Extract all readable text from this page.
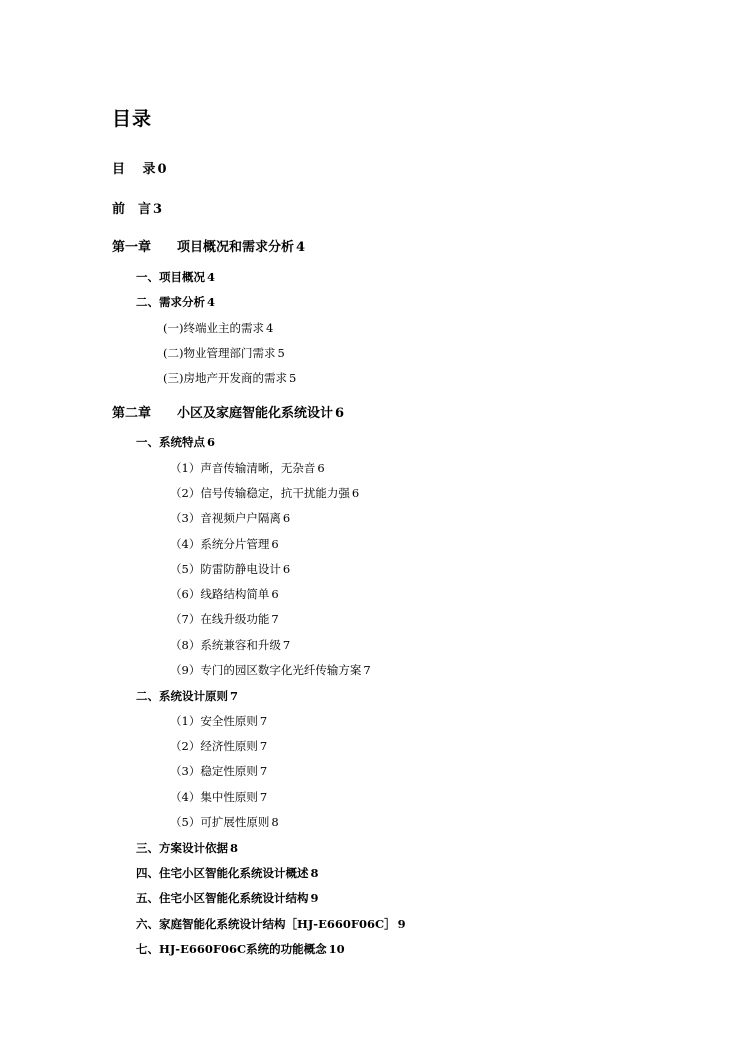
目录
目　 录 0
前　言 3
第一章　　项目概况和需求分析 4
一、项目概况 4
二、需求分析 4
(一)终端业主的需求 4
(二)物业管理部门需求 5
(三)房地产开发商的需求 5
第二章　　小区及家庭智能化系统设计 6
一、系统特点 6
（1）声音传输清晰，无杂音 6
（2）信号传输稳定，抗干扰能力强 6
（3）音视频户户隔离 6
（4）系统分片管理 6
（5）防雷防静电设计 6
（6）线路结构简单 6
（7）在线升级功能 7
（8）系统兼容和升级 7
（9）专门的园区数字化光纤传输方案 7
二、系统设计原则 7
（1）安全性原则 7
（2）经济性原则 7
（3）稳定性原则 7
（4）集中性原则 7
（5）可扩展性原则 8
三、方案设计依据 8
四、住宅小区智能化系统设计概述 8
五、住宅小区智能化系统设计结构 9
六、家庭智能化系统设计结构［HJ-E660F06C］ 9
七、HJ-E660F06C系统的功能概念 10
